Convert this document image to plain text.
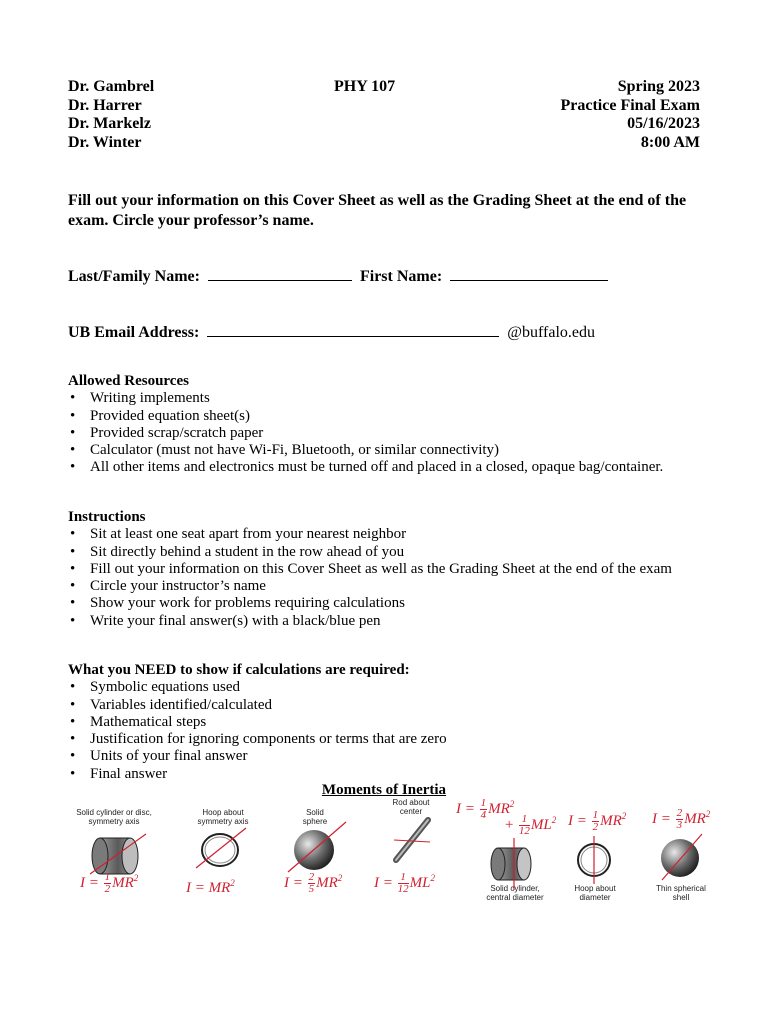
Dr. Gambrel
Dr. Harrer
Dr. Markelz
Dr. Winter
PHY 107	Spring 2023
Practice Final Exam
05/16/2023
8:00 AM
Fill out your information on this Cover Sheet as well as the Grading Sheet at the end of the exam. Circle your professor’s name.
Last/Family Name:	First Name:
UB Email Address:	@buffalo.edu
Allowed Resources
• Writing implements
• Provided equation sheet(s)
• Provided scrap/scratch paper
• Calculator (must not have Wi-Fi, Bluetooth, or similar connectivity)
• All other items and electronics must be turned off and placed in a closed, opaque bag/container.
Instructions
• Sit at least one seat apart from your nearest neighbor
• Sit directly behind a student in the row ahead of you
• Fill out your information on this Cover Sheet as well as the Grading Sheet at the end of the exam
• Circle your instructor’s name
• Show your work for problems requiring calculations
• Write your final answer(s) with a black/blue pen
What you NEED to show if calculations are required:
• Symbolic equations used
• Variables identified/calculated
• Mathematical steps
• Justification for ignoring components or terms that are zero
• Units of your final answer
• Final answer
Moments of Inertia
Solid cylinder or disc, symmetry axis
Hoop about symmetry axis
Solid sphere
Rod about center
Solid cylinder, central diameter
Hoop about diameter
Thin spherical shell
$I = \frac{1}{2} MR^2$
$I = MR^2$	$I = \frac{2}{5} MR^2$ $I = \frac{1}{12} ML^2$
$I = \frac{1}{4} MR^2$
+ $\frac{1}{12} ML^2$ $I = \frac{1}{2} MR^2$ $I = \frac{2}{3} MR^2$
